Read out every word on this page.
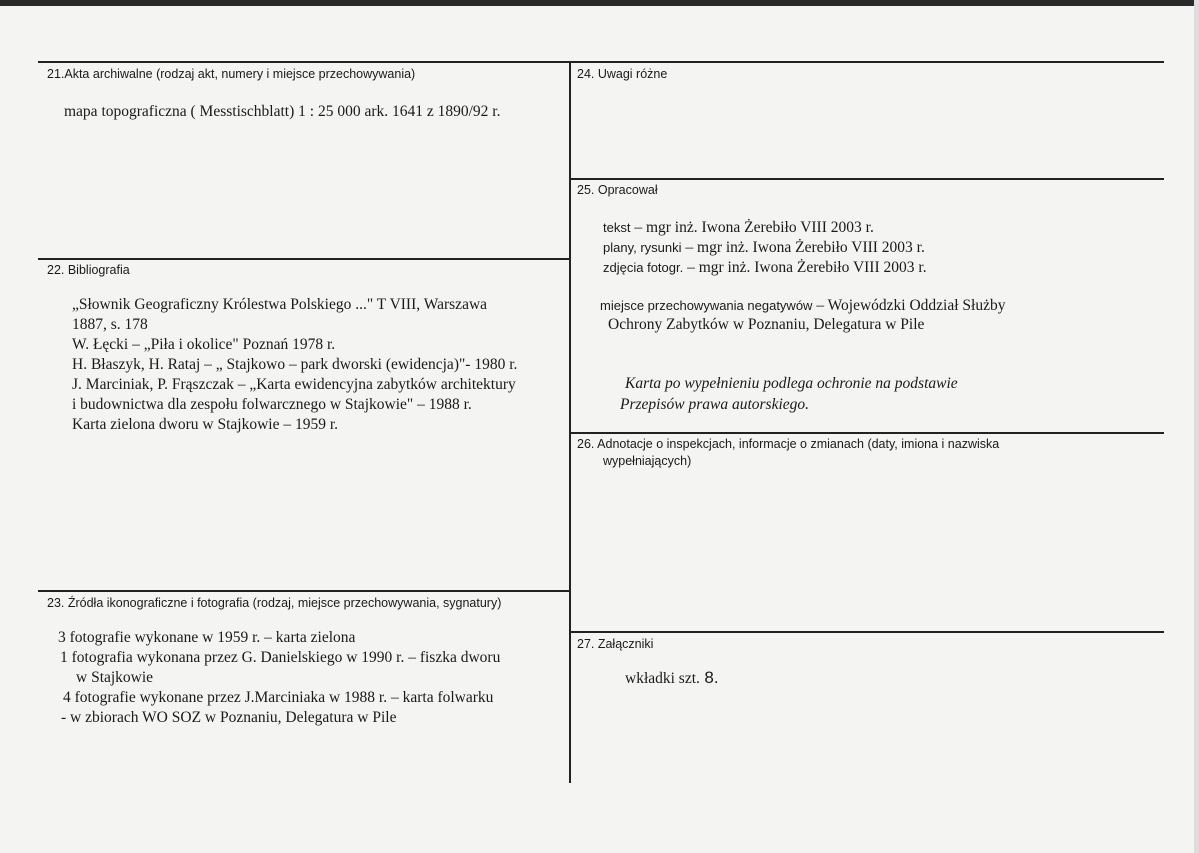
21.Akta archiwalne (rodzaj akt, numery i miejsce przechowywania)
mapa topograficzna ( Messtischblatt) 1 : 25 000 ark. 1641 z 1890/92 r.
22. Bibliografia
„Słownik Geograficzny Królestwa Polskiego ..." T VIII, Warszawa
1887, s. 178
W. Łęcki – „Piła i okolice" Poznań 1978 r.
H. Błaszyk, H. Rataj – „ Stajkowo – park dworski (ewidencja)"- 1980 r.
J. Marciniak, P. Frąszczak – „Karta ewidencyjna zabytków architektury
i budownictwa dla zespołu folwarcznego w Stajkowie" – 1988 r.
Karta zielona dworu w Stajkowie – 1959 r.
23. Źródła ikonograficzne i fotografia (rodzaj, miejsce przechowywania, sygnatury)
3 fotografie wykonane w 1959 r. – karta zielona
1 fotografia wykonana przez G. Danielskiego w 1990 r. – fiszka dworu
w Stajkowie
4 fotografie wykonane przez J.Marciniaka w 1988 r. – karta folwarku
- w zbiorach WO SOZ w Poznaniu, Delegatura w Pile
24. Uwagi różne
25. Opracował
tekst – mgr inż. Iwona Żerebiło VIII 2003 r.
plany, rysunki – mgr inż. Iwona Żerebiło VIII 2003 r.
zdjęcia fotogr. – mgr inż. Iwona Żerebiło VIII 2003 r.
miejsce przechowywania negatywów – Wojewódzki Oddział Służby
Ochrony Zabytków w Poznaniu, Delegatura w Pile
Karta po wypełnieniu podlega ochronie na podstawie
Przepisów prawa autorskiego.
26. Adnotacje o inspekcjach, informacje o zmianach (daty, imiona i nazwiska
wypełniających)
27. Załączniki
wkładki szt. 8.
